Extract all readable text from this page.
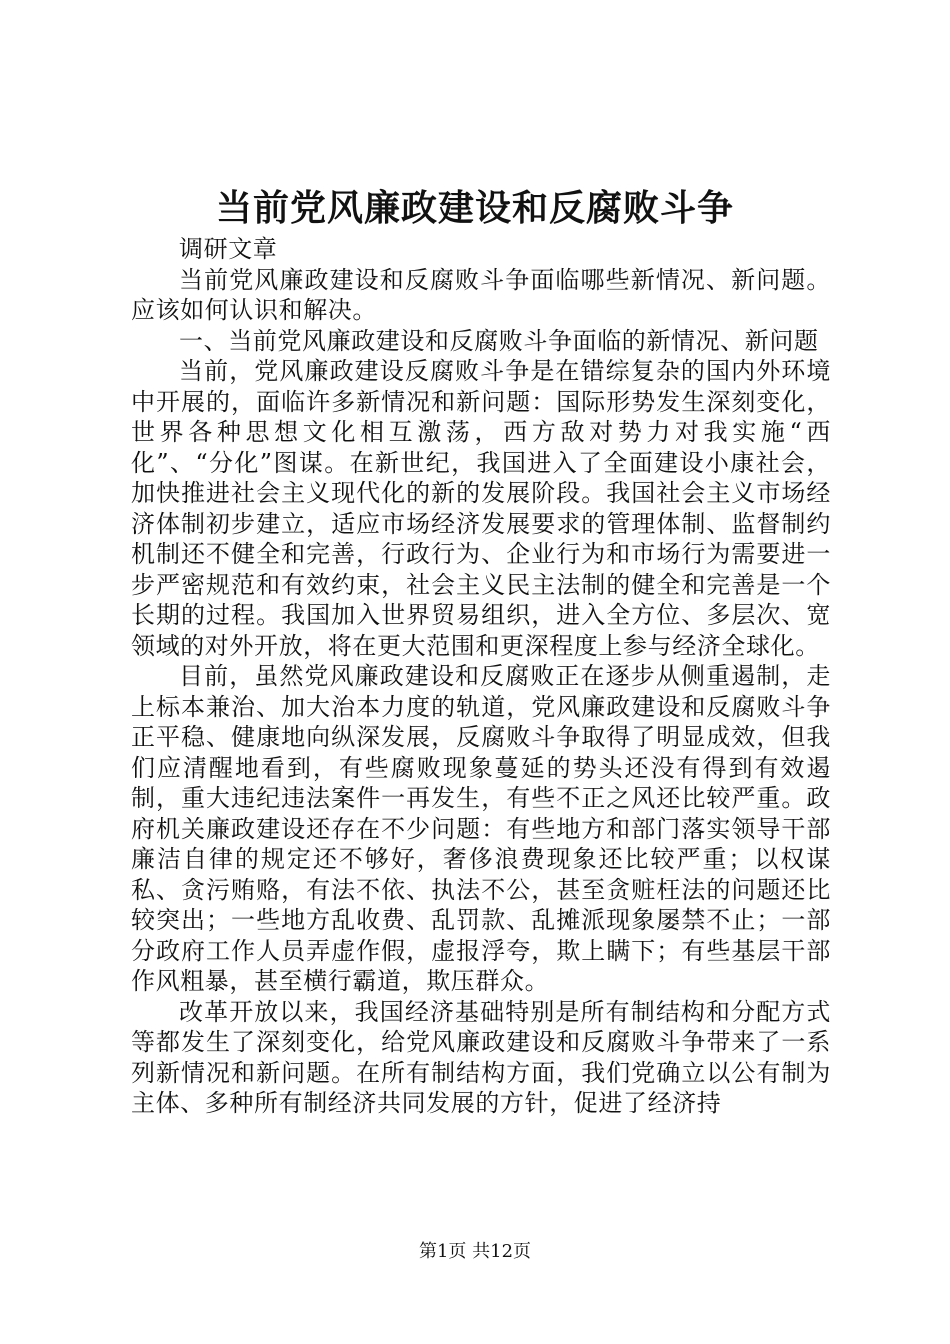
当前党风廉政建设和反腐败斗争

调研文章

当前党风廉政建设和反腐败斗争面临哪些新情况、新问题。应该如何认识和解决。

一、当前党风廉政建设和反腐败斗争面临的新情况、新问题

当前，党风廉政建设反腐败斗争是在错综复杂的国内外环境中开展的，面临许多新情况和新问题：国际形势发生深刻变化，世界各种思想文化相互激荡，西方敌对势力对我实施“西化”、“分化”图谋。在新世纪，我国进入了全面建设小康社会，加快推进社会主义现代化的新的发展阶段。我国社会主义市场经济体制初步建立，适应市场经济发展要求的管理体制、监督制约机制还不健全和完善，行政行为、企业行为和市场行为需要进一步严密规范和有效约束，社会主义民主法制的健全和完善是一个长期的过程。我国加入世界贸易组织，进入全方位、多层次、宽领域的对外开放，将在更大范围和更深程度上参与经济全球化。

目前，虽然党风廉政建设和反腐败正在逐步从侧重遏制，走上标本兼治、加大治本力度的轨道，党风廉政建设和反腐败斗争正平稳、健康地向纵深发展，反腐败斗争取得了明显成效，但我们应清醒地看到，有些腐败现象蔓延的势头还没有得到有效遏制，重大违纪违法案件一再发生，有些不正之风还比较严重。政府机关廉政建设还存在不少问题：有些地方和部门落实领导干部廉洁自律的规定还不够好，奢侈浪费现象还比较严重；以权谋私、贪污贿赂，有法不依、执法不公，甚至贪赃枉法的问题还比较突出；一些地方乱收费、乱罚款、乱摊派现象屡禁不止；一部分政府工作人员弄虚作假，虚报浮夸，欺上瞒下；有些基层干部作风粗暴，甚至横行霸道，欺压群众。

改革开放以来，我国经济基础特别是所有制结构和分配方式等都发生了深刻变化，给党风廉政建设和反腐败斗争带来了一系列新情况和新问题。在所有制结构方面，我们党确立以公有制为主体、多种所有制经济共同发展的方针，促进了经济持

第1页 共12页
